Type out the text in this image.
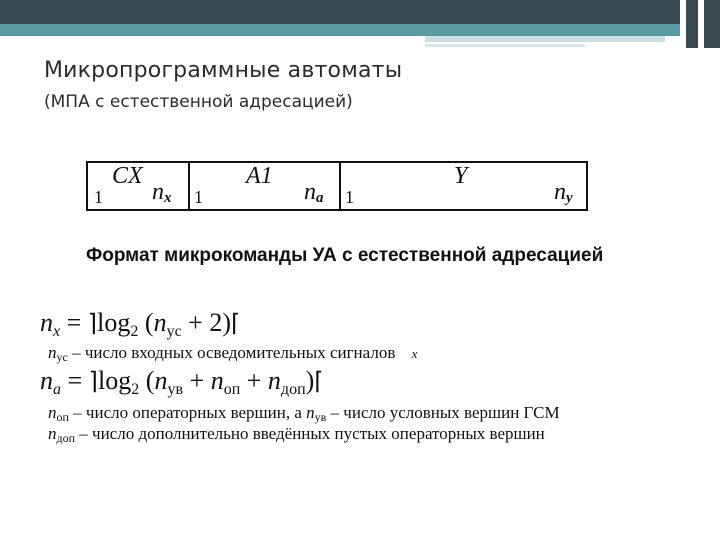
Микропрограммные автоматы
(МПА с естественной адресацией)
1
CX
$n_x$ 1
A1
$n_a$ 1
Y
$n_y$
Формат микрокоманды УА с естественной адресацией
$n_x$ = $⌉\log_2$ ($n_{ус}$ + 2)⌈
$n_{ус}$ – число входных осведомительных сигналов x
$n_a$ = $⌉\log_2$ ($n_{ув} + n_{оп}$ + $n_{доп})⌈$
$n_{оп}$ – число операторных вершин, а $n_{ув}$ – число условных вершин ГСМ
$n_{доп}$ – число дополнительно введённых пустых операторных вершин
